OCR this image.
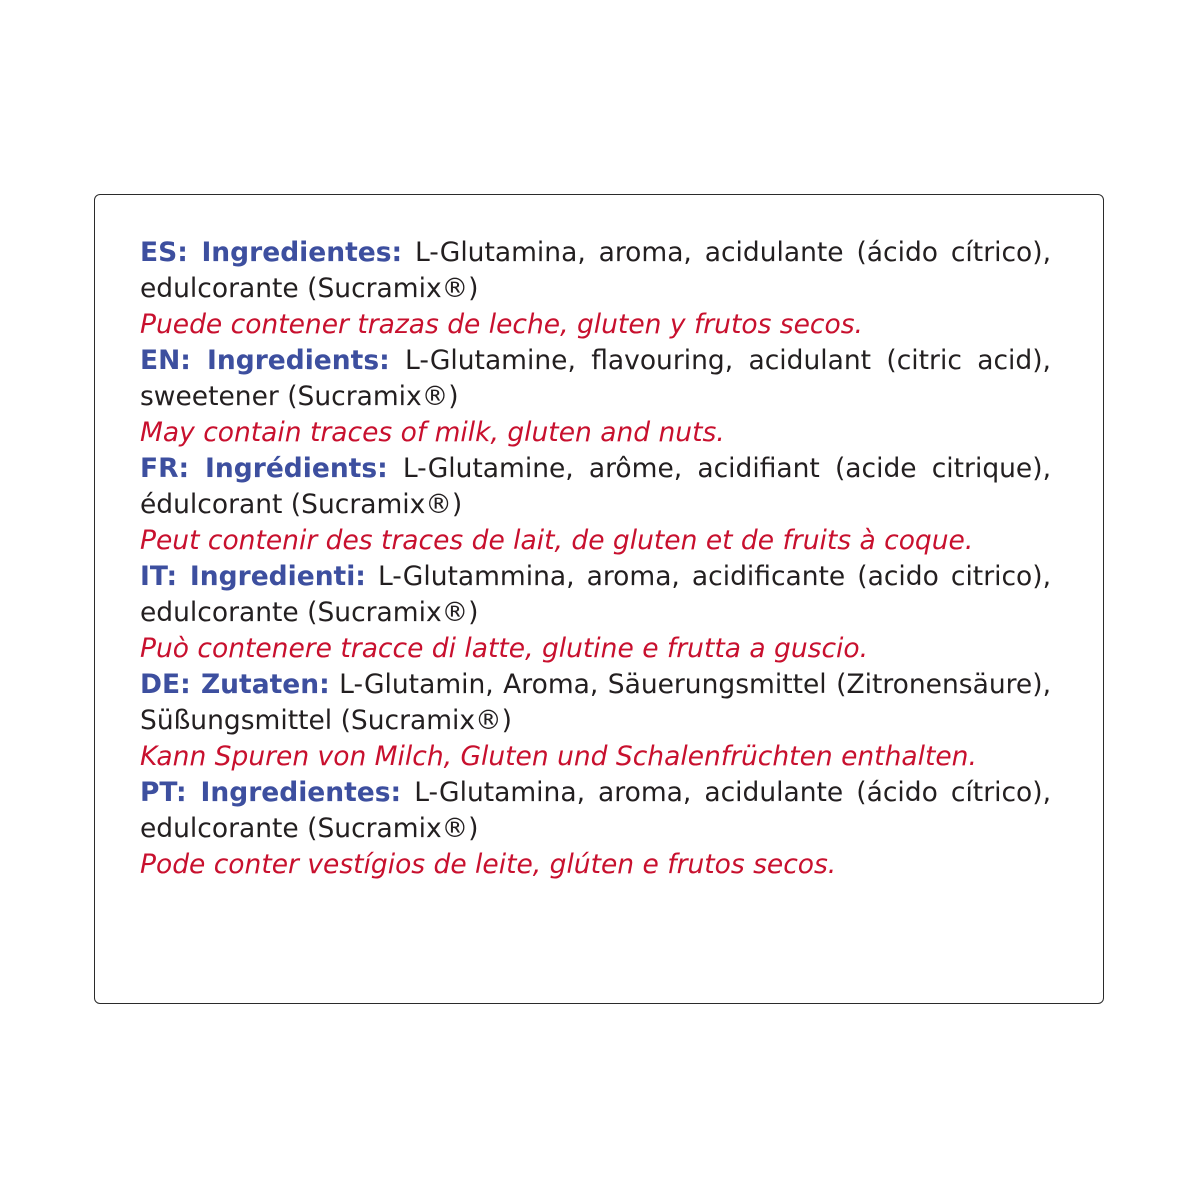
ES: Ingredientes: L-Glutamina, aroma, acidulante (ácido cítrico), edulcorante (Sucramix®)

Puede contener trazas de leche, gluten y frutos secos.

EN: Ingredients: L-Glutamine, flavouring, acidulant (citric acid), sweetener (Sucramix®)

May contain traces of milk, gluten and nuts.

FR: Ingrédients: L-Glutamine, arôme, acidifiant (acide citrique), édulcorant (Sucramix®)

Peut contenir des traces de lait, de gluten et de fruits à coque.

IT: Ingredienti: L-Glutammina, aroma, acidificante (acido citrico), edulcorante (Sucramix®)

Può contenere tracce di latte, glutine e frutta a guscio.

DE: Zutaten: L-Glutamin, Aroma, Säuerungsmittel (Zitronensäure), Süßungsmittel (Sucramix®)

Kann Spuren von Milch, Gluten und Schalenfrüchten enthalten.

PT: Ingredientes: L-Glutamina, aroma, acidulante (ácido cítrico), edulcorante (Sucramix®)

Pode conter vestígios de leite, glúten e frutos secos.
